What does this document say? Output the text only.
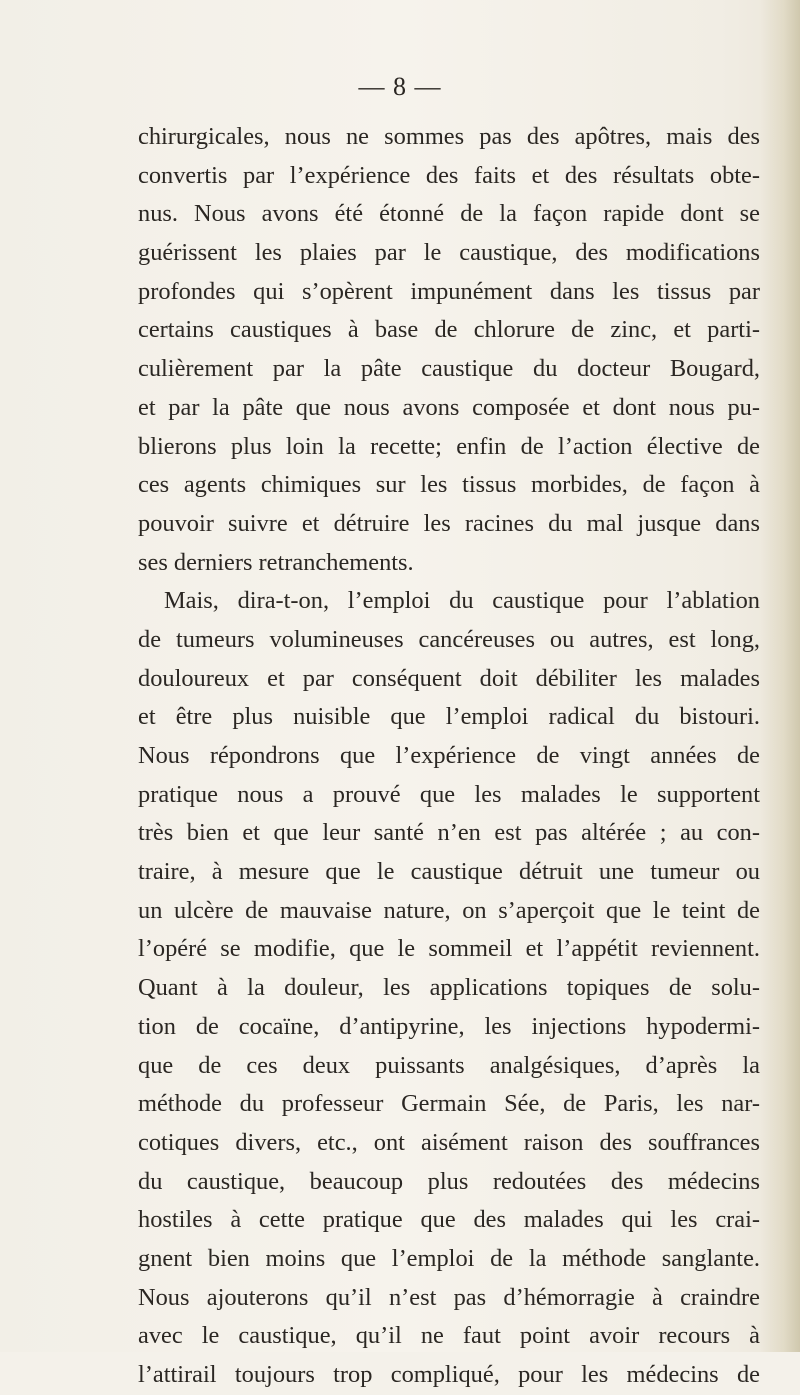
— 8 —
chirurgicales, nous ne sommes pas des apôtres, mais des
convertis par l’expérience des faits et des résultats obte-
nus. Nous avons été étonné de la façon rapide dont se
guérissent les plaies par le caustique, des modifications
profondes qui s’opèrent impunément dans les tissus par
certains caustiques à base de chlorure de zinc, et parti-
culièrement par la pâte caustique du docteur Bougard,
et par la pâte que nous avons composée et dont nous pu-
blierons plus loin la recette; enfin de l’action élective de
ces agents chimiques sur les tissus morbides, de façon à
pouvoir suivre et détruire les racines du mal jusque dans
ses derniers retranchements.
Mais, dira-t-on, l’emploi du caustique pour l’ablation
de tumeurs volumineuses cancéreuses ou autres, est long,
douloureux et par conséquent doit débiliter les malades
et être plus nuisible que l’emploi radical du bistouri.
Nous répondrons que l’expérience de vingt années de
pratique nous a prouvé que les malades le supportent
très bien et que leur santé n’en est pas altérée ; au con-
traire, à mesure que le caustique détruit une tumeur ou
un ulcère de mauvaise nature, on s’aperçoit que le teint de
l’opéré se modifie, que le sommeil et l’appétit reviennent.
Quant à la douleur, les applications topiques de solu-
tion de cocaïne, d’antipyrine, les injections hypodermi-
que de ces deux puissants analgésiques, d’après la
méthode du professeur Germain Sée, de Paris, les nar-
cotiques divers, etc., ont aisément raison des souffrances
du caustique, beaucoup plus redoutées des médecins
hostiles à cette pratique que des malades qui les crai-
gnent bien moins que l’emploi de la méthode sanglante.
Nous ajouterons qu’il n’est pas d’hémorragie à craindre
avec le caustique, qu’il ne faut point avoir recours à
l’attirail toujours trop compliqué, pour les médecins de
